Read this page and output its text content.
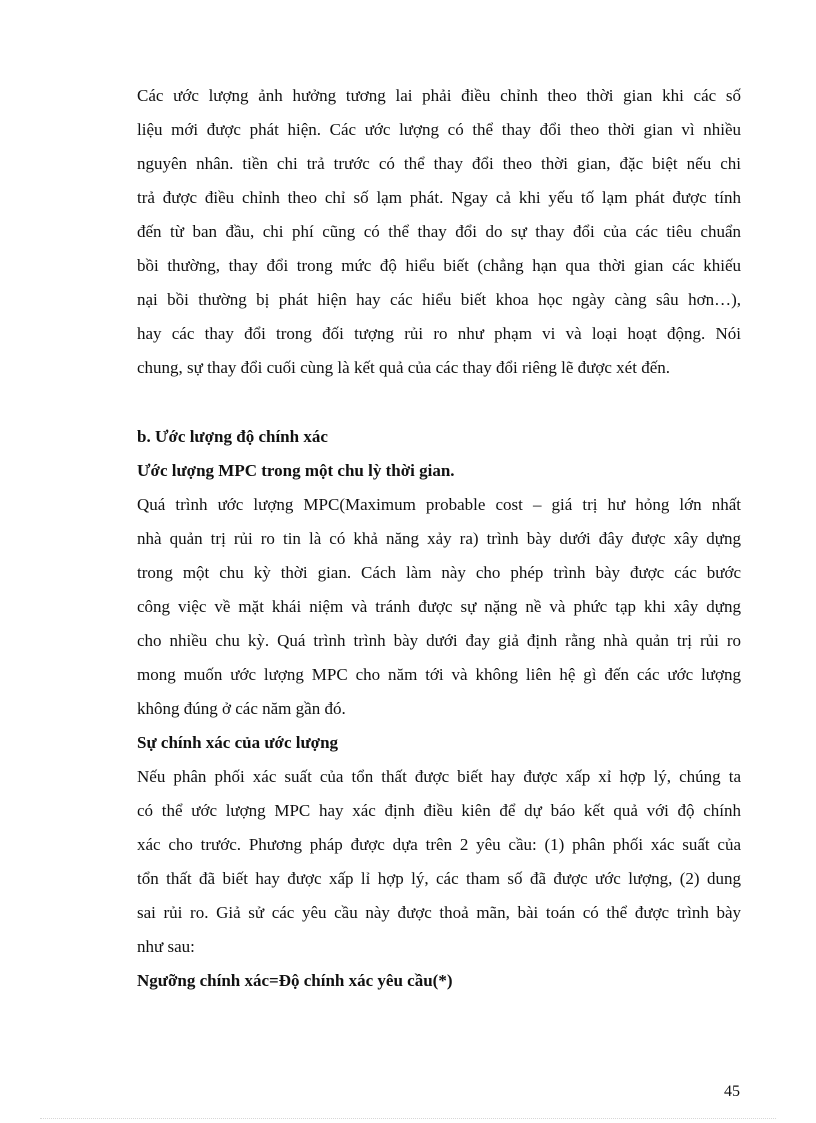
Các ước lượng ảnh hưởng tương lai phải điều chỉnh theo thời gian khi các số
liệu mới được phát hiện. Các ước lượng có thể thay đổi theo thời gian vì nhiều
nguyên nhân. tiền chi trả trước có thể thay đổi theo thời gian, đặc biệt nếu chi
trả được điều chỉnh theo chỉ số lạm phát. Ngay cả khi yếu tố lạm phát được tính
đến từ ban đầu, chi phí cũng có thể thay đổi do sự thay đổi của các tiêu chuẩn
bồi thường, thay đổi trong mức độ hiểu biết (chẳng hạn qua thời gian các khiếu
nại bồi thường bị phát hiện hay các hiểu biết khoa học ngày càng sâu hơn…),
hay các thay đổi trong đối tượng rủi ro như phạm vi và loại hoạt động. Nói
chung, sự thay đổi cuối cùng là kết quả của các thay đổi riêng lẽ được xét đến.
b. Ước lượng độ chính xác
Ước lượng MPC trong một chu lỳ thời gian.
Quá trình ước lượng MPC(Maximum probable cost – giá trị hư hỏng lớn nhất
nhà quản trị rủi ro tin là có khả năng xảy ra) trình bày dưới đây được xây dựng
trong một chu kỳ thời gian. Cách làm này cho phép trình bày được các bước
công việc về mặt khái niệm và tránh được sự nặng nề và phức tạp khi xây dựng
cho nhiều chu kỳ. Quá trình trình bày dưới đay giả định rằng nhà quản trị rủi ro
mong muốn ước lượng MPC cho năm tới và không liên hệ gì đến các ước lượng
không đúng ở các năm gần đó.
Sự chính xác của ước lượng
Nếu phân phối xác suất của tổn thất được biết hay được xấp xỉ hợp lý, chúng ta
có thể ước lượng MPC hay xác định điều kiên để dự báo kết quả với độ chính
xác cho trước. Phương pháp được dựa trên 2 yêu cầu: (1) phân phối xác suất của
tổn thất đã biết hay được xấp lỉ hợp lý, các tham số đã được ước lượng, (2) dung
sai rủi ro. Giả sử các yêu cầu này được thoả mãn, bài toán có thể được trình bày
như sau:
Ngưỡng chính xác=Độ chính xác yêu cầu(*)
45
